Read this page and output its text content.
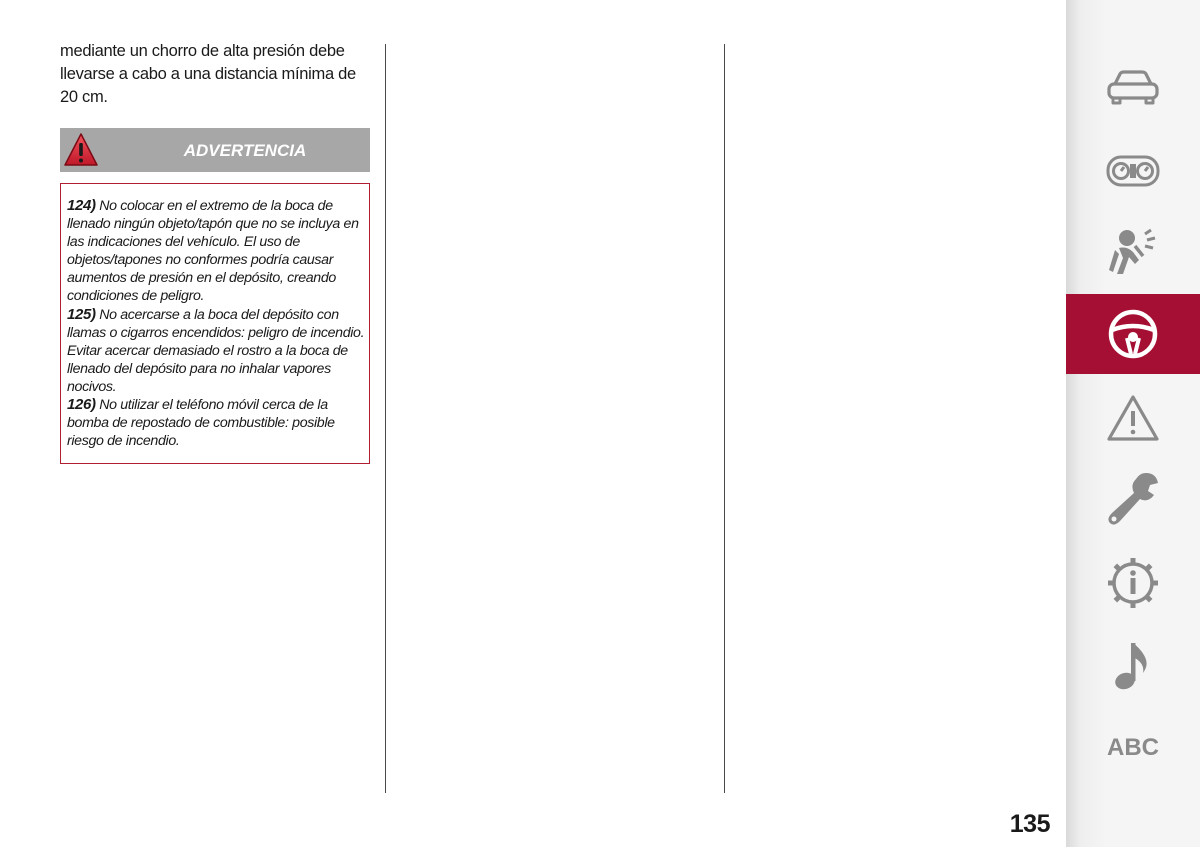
mediante un chorro de alta presión debe llevarse a cabo a una distancia mínima de 20 cm.

ADVERTENCIA

124) No colocar en el extremo de la boca de llenado ningún objeto/tapón que no se incluya en las indicaciones del vehículo. El uso de objetos/tapones no conformes podría causar aumentos de presión en el depósito, creando condiciones de peligro.

125) No acercarse a la boca del depósito con llamas o cigarros encendidos: peligro de incendio. Evitar acercar demasiado el rostro a la boca de llenado del depósito para no inhalar vapores nocivos.

126) No utilizar el teléfono móvil cerca de la bomba de repostado de combustible: posible riesgo de incendio.

ABC
135
